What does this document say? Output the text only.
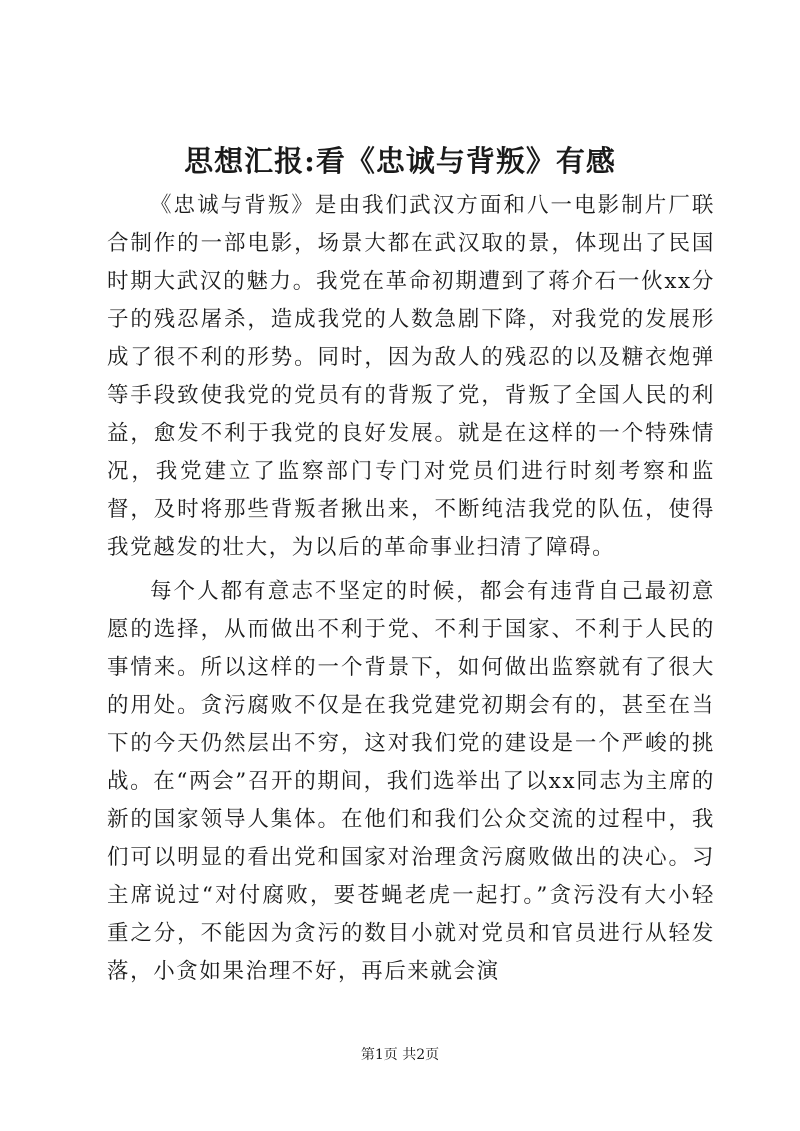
思想汇报:看《忠诚与背叛》有感

《忠诚与背叛》是由我们武汉方面和八一电影制片厂联合制作的一部电影，场景大都在武汉取的景，体现出了民国时期大武汉的魅力。我党在革命初期遭到了蒋介石一伙xx分子的残忍屠杀，造成我党的人数急剧下降，对我党的发展形成了很不利的形势。同时，因为敌人的残忍的以及糖衣炮弹等手段致使我党的党员有的背叛了党，背叛了全国人民的利益，愈发不利于我党的良好发展。就是在这样的一个特殊情况，我党建立了监察部门专门对党员们进行时刻考察和监督，及时将那些背叛者揪出来，不断纯洁我党的队伍，使得我党越发的壮大，为以后的革命事业扫清了障碍。

每个人都有意志不坚定的时候，都会有违背自己最初意愿的选择，从而做出不利于党、不利于国家、不利于人民的事情来。所以这样的一个背景下，如何做出监察就有了很大的用处。贪污腐败不仅是在我党建党初期会有的，甚至在当下的今天仍然层出不穷，这对我们党的建设是一个严峻的挑战。在“两会”召开的期间，我们选举出了以xx同志为主席的新的国家领导人集体。在他们和我们公众交流的过程中，我们可以明显的看出党和国家对治理贪污腐败做出的决心。习主席说过“对付腐败，要苍蝇老虎一起打。”贪污没有大小轻重之分，不能因为贪污的数目小就对党员和官员进行从轻发落，小贪如果治理不好，再后来就会演

第1页 共2页
